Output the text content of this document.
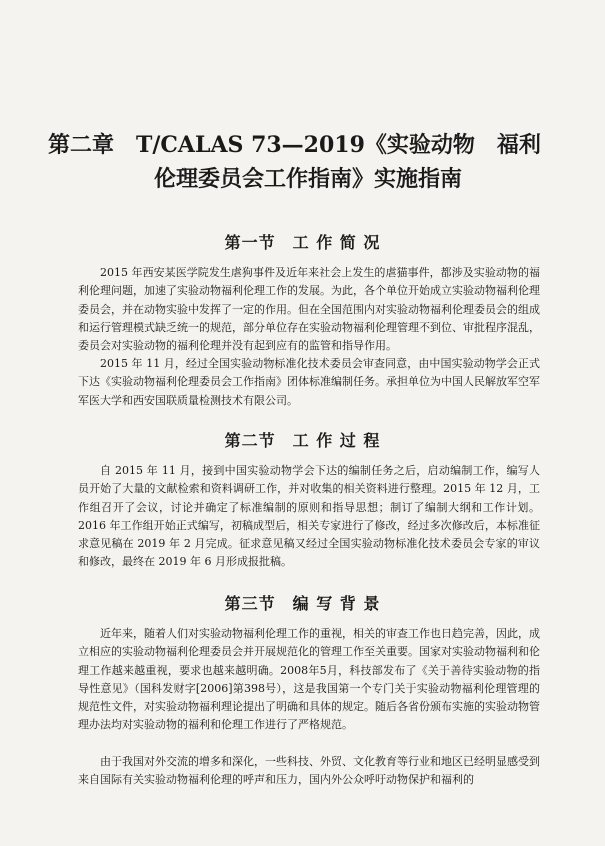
第二章　T/CALAS 73—2019《实验动物　福利
伦理委员会工作指南》实施指南
第一节　工 作 简 况

2015 年西安某医学院发生虐狗事件及近年来社会上发生的虐猫事件，都涉及实验动物的福利伦理问题，加速了实验动物福利伦理工作的发展。为此，各个单位开始成立实验动物福利伦理委员会，并在动物实验中发挥了一定的作用。但在全国范围内对实验动物福利伦理委员会的组成和运行管理模式缺乏统一的规范，部分单位存在实验动物福利伦理管理不到位、审批程序混乱，委员会对实验动物的福利伦理并没有起到应有的监管和指导作用。

2015 年 11 月，经过全国实验动物标准化技术委员会审查同意，由中国实验动物学会正式下达《实验动物福利伦理委员会工作指南》团体标准编制任务。承担单位为中国人民解放军空军军医大学和西安国联质量检测技术有限公司。

第二节　工 作 过 程

自 2015 年 11 月，接到中国实验动物学会下达的编制任务之后，启动编制工作，编写人员开始了大量的文献检索和资料调研工作，并对收集的相关资料进行整理。2015 年 12 月，工作组召开了会议，讨论并确定了标准编制的原则和指导思想；制订了编制大纲和工作计划。2016 年工作组开始正式编写，初稿成型后，相关专家进行了修改，经过多次修改后，本标准征求意见稿在 2019 年 2 月完成。征求意见稿又经过全国实验动物标准化技术委员会专家的审议和修改，最终在 2019 年 6 月形成报批稿。

第三节　编 写 背 景

近年来，随着人们对实验动物福利伦理工作的重视，相关的审查工作也日趋完善，因此，成立相应的实验动物福利伦理委员会并开展规范化的管理工作至关重要。国家对实验动物福利和伦理工作越来越重视，要求也越来越明确。2008年5月，科技部发布了《关于善待实验动物的指导性意见》（国科发财字[2006]第398号），这是我国第一个专门关于实验动物福利伦理管理的规范性文件，对实验动物福利理论提出了明确和具体的规定。随后各省份颁布实施的实验动物管理办法均对实验动物的福利和伦理工作进行了严格规范。

由于我国对外交流的增多和深化，一些科技、外贸、文化教育等行业和地区已经明显感受到来自国际有关实验动物福利伦理的呼声和压力，国内外公众呼吁动物保护和福利的
